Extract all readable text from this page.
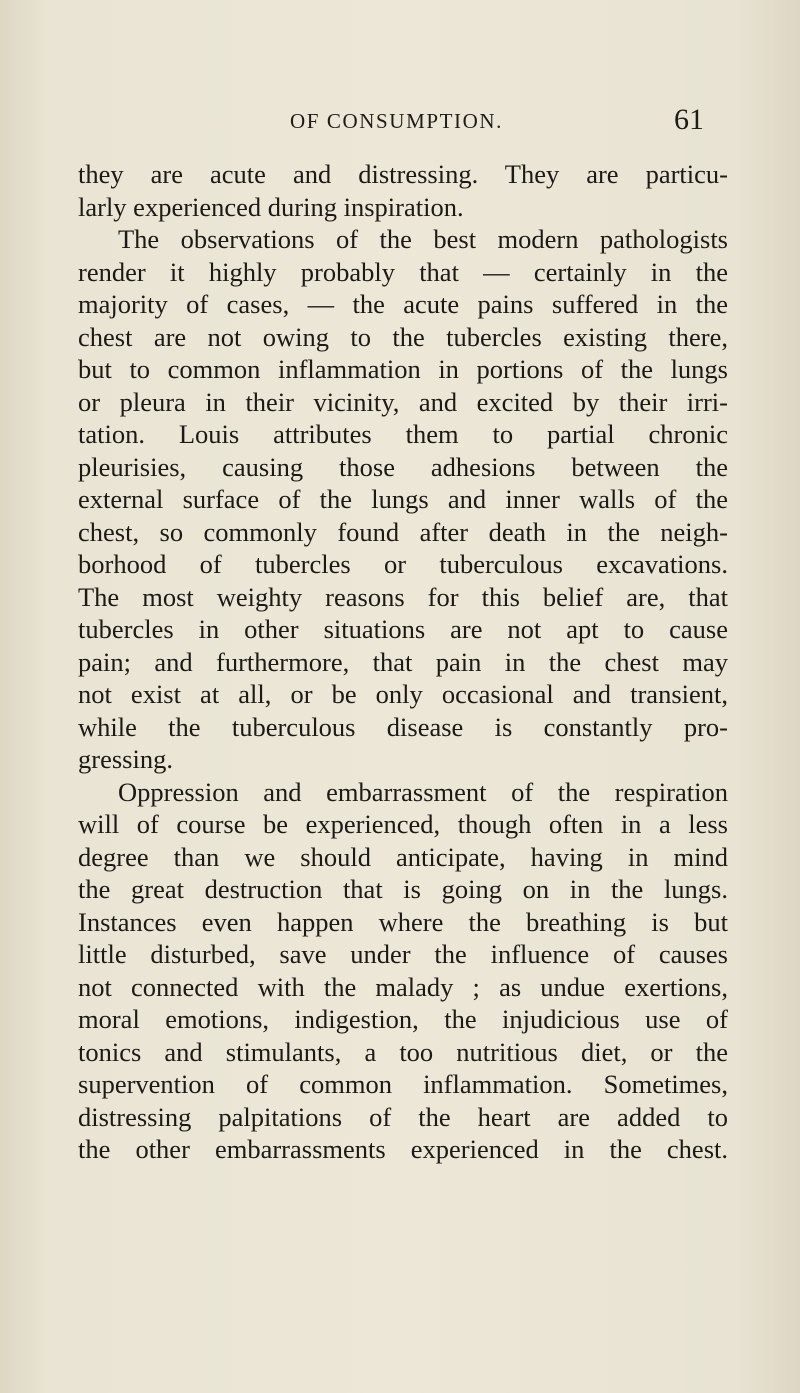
OF CONSUMPTION.	61
they are acute and distressing. They are particu-
larly experienced during inspiration.
The observations of the best modern pathologists
render it highly probably that — certainly in the
majority of cases, — the acute pains suffered in the
chest are not owing to the tubercles existing there,
but to common inflammation in portions of the lungs
or pleura in their vicinity, and excited by their irri-
tation. Louis attributes them to partial chronic
pleurisies, causing those adhesions between the
external surface of the lungs and inner walls of the
chest, so commonly found after death in the neigh-
borhood of tubercles or tuberculous excavations.
The most weighty reasons for this belief are, that
tubercles in other situations are not apt to cause
pain; and furthermore, that pain in the chest may
not exist at all, or be only occasional and transient,
while the tuberculous disease is constantly pro-
gressing.
Oppression and embarrassment of the respiration
will of course be experienced, though often in a less
degree than we should anticipate, having in mind
the great destruction that is going on in the lungs.
Instances even happen where the breathing is but
little disturbed, save under the influence of causes
not connected with the malady ; as undue exertions,
moral emotions, indigestion, the injudicious use of
tonics and stimulants, a too nutritious diet, or the
supervention of common inflammation. Sometimes,
distressing palpitations of the heart are added to
the other embarrassments experienced in the chest.
